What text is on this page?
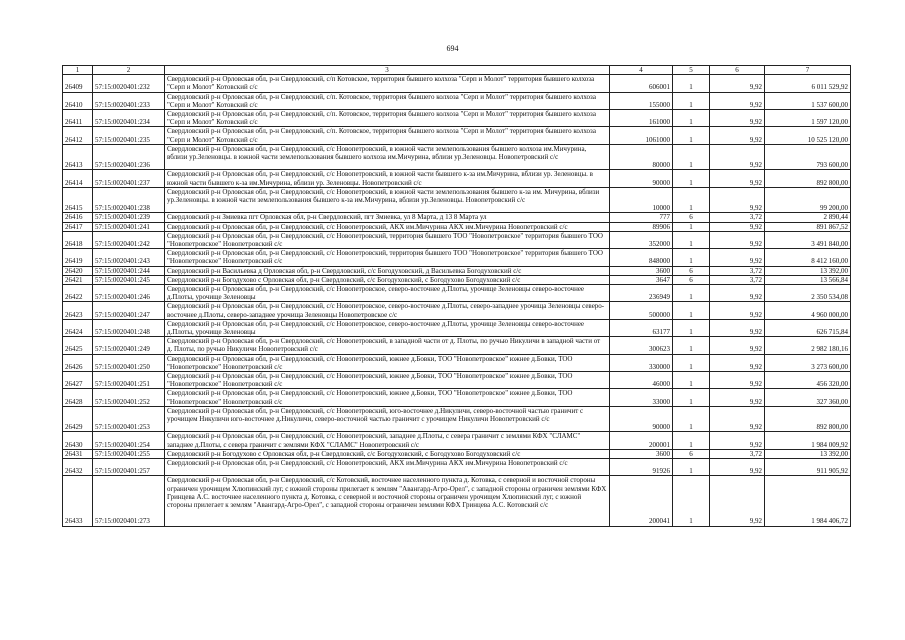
694
1	2	3	4	5	6	7
26409	57:15:0020401:232	Свердловский р-н Орловская обл, р-н Свердловский, с/п Котовское, территория бывшего колхоза "Серп и Молот" территория бывшего колхоза "Серп и Молот" Котовский с/с	606001	1	9,92	6 011 529,92
26410	57:15:0020401:233	Свердловский р-н Орловская обл, р-н Свердловский, с/п. Котовское, территория бывшего колхоза "Серп и Молот" территория бывшего колхоза "Серп и Молот" Котовский с/с	155000	1	9,92	1 537 600,00
26411	57:15:0020401:234	Свердловский р-н Орловская обл, р-н Свердловский, с/п. Котовское, территория бывшего колхоза "Серп и Молот" территория бывшего колхоза "Серп и Молот" Котовский с/с	161000	1	9,92	1 597 120,00
26412	57:15:0020401:235	Свердловский р-н Орловская обл, р-н Свердловский, с/п. Котовское, территория бывшего колхоза "Серп и Молот" территория бывшего колхоза "Серп и Молот" Котовский с/с	1061000	1	9,92	10 525 120,00
26413	57:15:0020401:236	Свердловский р-н Орловская обл, р-н Свердловский, с/с Новопетровский, в южной части землепользования бывшего колхоза им.Мичурина, вблизи ур.Зеленовцы. в южной части землепользования бывшего колхоза им.Мичурина, вблизи ур.Зеленовцы. Новопетровский с/с	80000	1	9,92	793 600,00
26414	57:15:0020401:237	Свердловский р-н Орловская обл, р-н Свердловский, с/с Новопетровский, в южной части бывшего к-за им.Мичурина, вблизи ур. Зеленовцы. в южной части бывшего к-за им.Мичурина, вблизи ур. Зеленовцы. Новопетровский с/с	90000	1	9,92	892 800,00
26415	57:15:0020401:238	Свердловский р-н Орловская обл, р-н Свердловский, с/с Новопетровский, в южной части землепользования бывшего к-за им. Мичурина, вблизи ур.Зеленовцы. в южной части землепользования бывшего к-за им.Мичурина, вблизи ур.Зеленовцы. Новопетровский с/с	10000	1	9,92	99 200,00
26416	57:15:0020401:239	Свердловский р-н Змиевка пгт Орловская обл, р-н Свердловский, пгт Змиевка, ул 8 Марта, д 13 8 Марта ул	777	6	3,72	2 890,44
26417	57:15:0020401:241	Свердловский р-н Орловская обл, р-н Свердловский, с/с Новопетровский, АКХ им.Мичурина АКХ им.Мичурина Новопетровский с/с	89906	1	9,92	891 867,52
26418	57:15:0020401:242	Свердловский р-н Орловская обл, р-н Свердловский, с/с Новопетровский, территория бывшего ТОО "Новопетровское" территория бывшего ТОО "Новопетровское" Новопетровский с/с	352000	1	9,92	3 491 840,00
26419	57:15:0020401:243	Свердловский р-н Орловская обл, р-н Свердловский, с/с Новопетровский, территория бывшего ТОО "Новопетровское" территория бывшего ТОО "Новопетровское" Новопетровский с/с	848000	1	9,92	8 412 160,00
26420	57:15:0020401:244	Свердловский р-н Васильевка д Орловская обл, р-н Свердловский, с/с Богодуховский, д Васильевка Богодуховский с/с	3600	6	3,72	13 392,00
26421	57:15:0020401:245	Свердловский р-н Богодухово с Орловская обл, р-н Свердловский, с/с Богодуховский, с Богодухово Богодуховский с/с	3647	6	3,72	13 566,84
26422	57:15:0020401:246	Свердловский р-н Орловская обл, р-н Свердловский, с/с Новопетровское, северо-восточнее д.Плоты, урочище Зеленовцы северо-восточнее д.Плоты, урочище Зеленовцы	236949	1	9,92	2 350 534,08
26423	57:15:0020401:247	Свердловский р-н Орловская обл, р-н Свердловский, с/с Новопетровское, северо-восточнее д.Плоты, северо-западнее урочища Зеленовцы северо-восточнее д.Плоты, северо-западнее урочища Зеленовцы Новопетровское с/с	500000	1	9,92	4 960 000,00
26424	57:15:0020401:248	Свердловский р-н Орловская обл, р-н Свердловский, с/с Новопетровское, северо-восточнее д.Плоты, урочище Зеленовцы северо-восточнее д.Плоты, урочище Зеленовцы	63177	1	9,92	626 715,84
26425	57:15:0020401:249	Свердловский р-н Орловская обл, р-н Свердловский, с/с Новопетровский, в западной части от д. Плоты, по ручью Никуличи в западной части от д. Плоты, по ручью Никуличи Новопетровский с/с	300623	1	9,92	2 982 180,16
26426	57:15:0020401:250	Свердловский р-н Орловская обл, р-н Свердловский, с/с Новопетровский, южнее д.Бовки, ТОО "Новопетровское" южнее д.Бовки, ТОО "Новопетровское" Новопетровский с/с	330000	1	9,92	3 273 600,00
26427	57:15:0020401:251	Свердловский р-н Орловская обл, р-н Свердловский, с/с Новопетровский, южнее д.Бовки, ТОО "Новопетровское" южнее д.Бовки, ТОО "Новопетровское" Новопетровский с/с	46000	1	9,92	456 320,00
26428	57:15:0020401:252	Свердловский р-н Орловская обл, р-н Свердловский, с/с Новопетровский, южнее д.Бовки, ТОО "Новопетровское" южнее д.Бовки, ТОО "Новопетровское" Новопетровский с/с	33000	1	9,92	327 360,00
26429	57:15:0020401:253	Свердловский р-н Орловская обл, р-н Свердловский, с/с Новопетровский, юго-восточнее д.Никуличи, северо-восточной частью граничит с урочищем Никуличи юго-восточнее д.Никуличи, северо-восточной частью граничит с урочищем Никуличи Новопетровский с/с	90000	1	9,92	892 800,00
26430	57:15:0020401:254	Свердловский р-н Орловская обл, р-н Свердловский, с/с Новопетровский, западнее д.Плоты, с севера граничит с землями КФХ "СЛАМС" западнее д.Плоты, с севера граничит с землями КФХ "СЛАМС" Новопетровский с/с	200001	1	9,92	1 984 009,92
26431	57:15:0020401:255	Свердловский р-н Богодухово с Орловская обл, р-н Свердловский, с/с Богодуховский, с Богодухово Богодуховский с/с	3600	6	3,72	13 392,00
26432	57:15:0020401:257	Свердловский р-н Орловская обл, р-н Свердловский, с/с Новопетровский, АКХ им.Мичурина АКХ им.Мичурина Новопетровский с/с	91926	1	9,92	911 905,92
26433	57:15:0020401:273	Свердловский р-н Орловская обл, р-н Свердловский, с/с Котовский, восточнее населенного пункта д. Котовка, с северной и восточной стороны ограничен урочищем Хлюпинский луг, с южной стороны прилегает к землям "Авангард-Агро-Орел", с западной стороны ограничен землями КФХ Гринцева А.С. восточнее населенного пункта д. Котовка, с северной и восточной стороны ограничен урочищем Хлюпинский луг, с южной стороны прилегает к землям "Авангард-Агро-Орел", с западной стороны ограничен землями КФХ Гринцева А.С. Котовский с/с	200041	1	9,92	1 984 406,72
